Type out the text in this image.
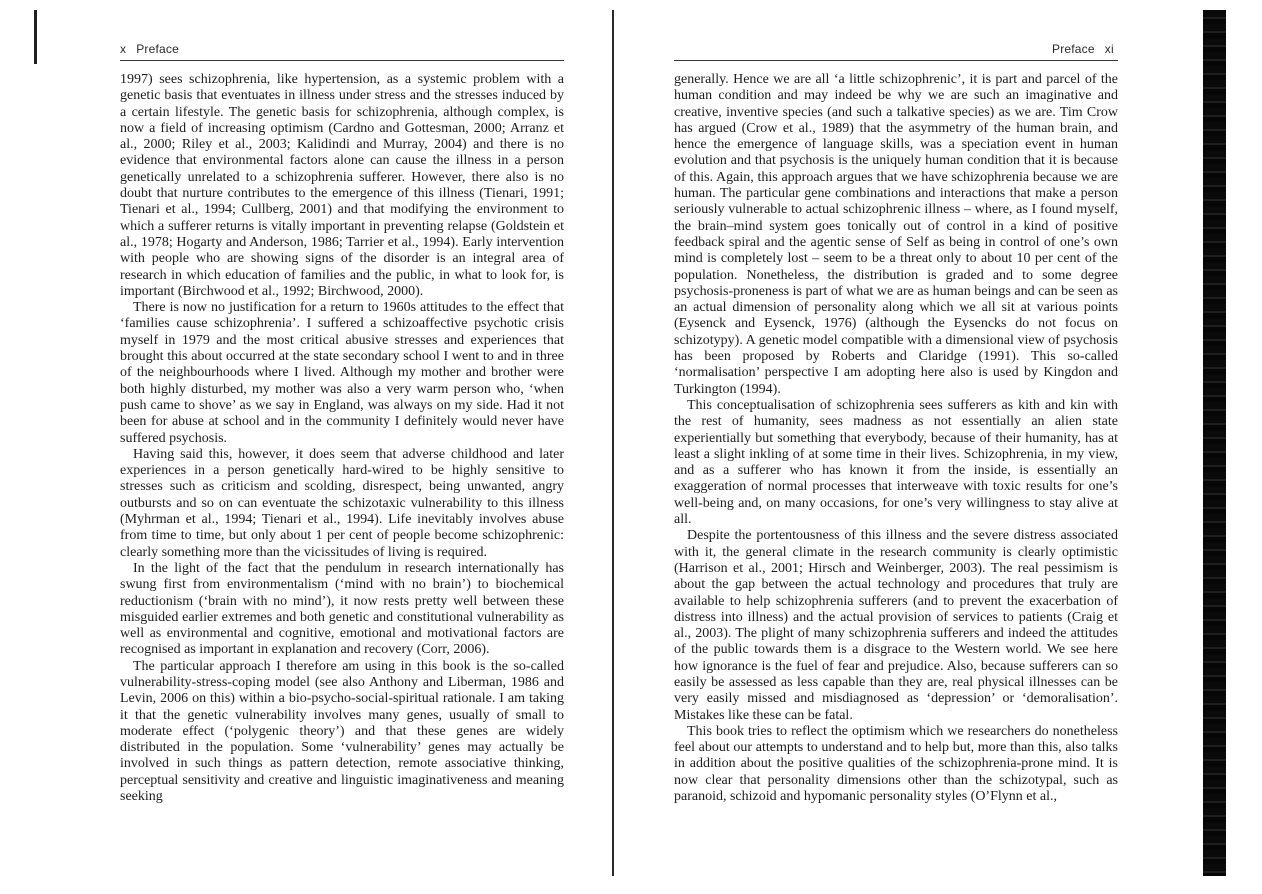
x Preface	Preface xi

1997) sees schizophrenia, like hypertension, as a systemic problem with a genetic basis that eventuates in illness under stress and the stresses induced by a certain lifestyle. The genetic basis for schizophrenia, although complex, is now a field of increasing optimism (Cardno and Gottesman, 2000; Arranz et al., 2000; Riley et al., 2003; Kalidindi and Murray, 2004) and there is no evidence that environmental factors alone can cause the illness in a person genetically unrelated to a schizophrenia sufferer. However, there also is no doubt that nurture contributes to the emergence of this illness (Tienari, 1991; Tienari et al., 1994; Cullberg, 2001) and that modifying the environment to which a sufferer returns is vitally important in preventing relapse (Goldstein et al., 1978; Hogarty and Anderson, 1986; Tarrier et al., 1994). Early intervention with people who are showing signs of the disorder is an integral area of research in which education of families and the public, in what to look for, is important (Birchwood et al., 1992; Birchwood, 2000).

There is now no justification for a return to 1960s attitudes to the effect that ‘families cause schizophrenia’. I suffered a schizoaffective psychotic crisis myself in 1979 and the most critical abusive stresses and experiences that brought this about occurred at the state secondary school I went to and in three of the neighbourhoods where I lived. Although my mother and brother were both highly disturbed, my mother was also a very warm person who, ‘when push came to shove’ as we say in England, was always on my side. Had it not been for abuse at school and in the community I definitely would never have suffered psychosis.

Having said this, however, it does seem that adverse childhood and later experiences in a person genetically hard-wired to be highly sensitive to stresses such as criticism and scolding, disrespect, being unwanted, angry outbursts and so on can eventuate the schizotaxic vulnerability to this illness (Myhrman et al., 1994; Tienari et al., 1994). Life inevitably involves abuse from time to time, but only about 1 per cent of people become schizophrenic: clearly something more than the vicissitudes of living is required.

In the light of the fact that the pendulum in research internationally has swung first from environmentalism (‘mind with no brain’) to biochemical reductionism (‘brain with no mind’), it now rests pretty well between these misguided earlier extremes and both genetic and constitutional vulnerability as well as environmental and cognitive, emotional and motivational factors are recognised as important in explanation and recovery (Corr, 2006).

The particular approach I therefore am using in this book is the so-called vulnerability-stress-coping model (see also Anthony and Liberman, 1986 and Levin, 2006 on this) within a bio-psycho-social-spiritual rationale. I am taking it that the genetic vulnerability involves many genes, usually of small to moderate effect (‘polygenic theory’) and that these genes are widely distributed in the population. Some ‘vulnerability’ genes may actually be involved in such things as pattern detection, remote associative thinking, perceptual sensitivity and creative and linguistic imaginativeness and meaning seeking

generally. Hence we are all ‘a little schizophrenic’, it is part and parcel of the human condition and may indeed be why we are such an imaginative and creative, inventive species (and such a talkative species) as we are. Tim Crow has argued (Crow et al., 1989) that the asymmetry of the human brain, and hence the emergence of language skills, was a speciation event in human evolution and that psychosis is the uniquely human condition that it is because of this. Again, this approach argues that we have schizophrenia because we are human. The particular gene combinations and interactions that make a person seriously vulnerable to actual schizophrenic illness – where, as I found myself, the brain–mind system goes tonically out of control in a kind of positive feedback spiral and the agentic sense of Self as being in control of one’s own mind is completely lost – seem to be a threat only to about 10 per cent of the population. Nonetheless, the distribution is graded and to some degree psychosis-proneness is part of what we are as human beings and can be seen as an actual dimension of personality along which we all sit at various points (Eysenck and Eysenck, 1976) (although the Eysencks do not focus on schizotypy). A genetic model compatible with a dimensional view of psychosis has been proposed by Roberts and Claridge (1991). This so-called ‘normalisation’ perspective I am adopting here also is used by Kingdon and Turkington (1994).

This conceptualisation of schizophrenia sees sufferers as kith and kin with the rest of humanity, sees madness as not essentially an alien state experientially but something that everybody, because of their humanity, has at least a slight inkling of at some time in their lives. Schizophrenia, in my view, and as a sufferer who has known it from the inside, is essentially an exaggeration of normal processes that interweave with toxic results for one’s well-being and, on many occasions, for one’s very willingness to stay alive at all.

Despite the portentousness of this illness and the severe distress associated with it, the general climate in the research community is clearly optimistic (Harrison et al., 2001; Hirsch and Weinberger, 2003). The real pessimism is about the gap between the actual technology and procedures that truly are available to help schizophrenia sufferers (and to prevent the exacerbation of distress into illness) and the actual provision of services to patients (Craig et al., 2003). The plight of many schizophrenia sufferers and indeed the attitudes of the public towards them is a disgrace to the Western world. We see here how ignorance is the fuel of fear and prejudice. Also, because sufferers can so easily be assessed as less capable than they are, real physical illnesses can be very easily missed and misdiagnosed as ‘depression’ or ‘demoralisation’. Mistakes like these can be fatal.

This book tries to reflect the optimism which we researchers do nonetheless feel about our attempts to understand and to help but, more than this, also talks in addition about the positive qualities of the schizophrenia-prone mind. It is now clear that personality dimensions other than the schizotypal, such as paranoid, schizoid and hypomanic personality styles (O’Flynn et al.,
